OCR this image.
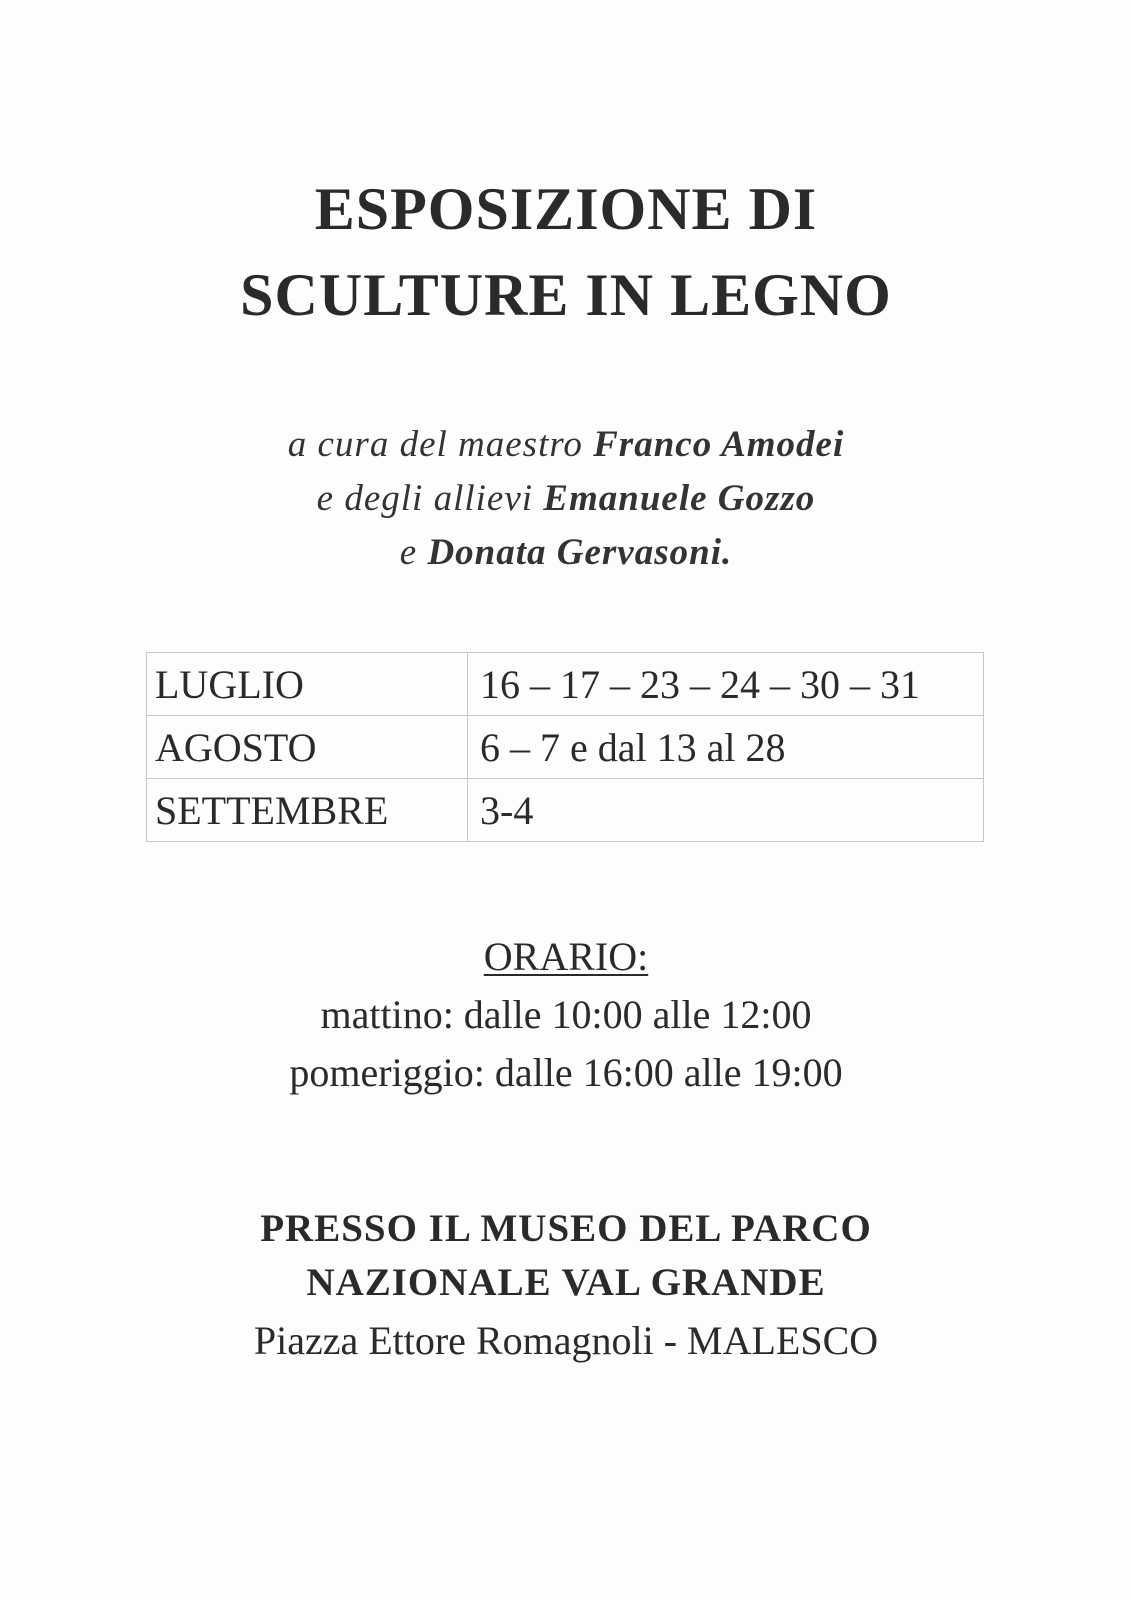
ESPOSIZIONE DI
SCULTURE IN LEGNO
a cura del maestro Franco Amodei
e degli allievi Emanuele Gozzo
e Donata Gervasoni.
LUGLIO	16 – 17 – 23 – 24 – 30 – 31
AGOSTO	6 – 7 e dal 13 al 28
SETTEMBRE	3-4
ORARIO:
mattino: dalle 10:00 alle 12:00
pomeriggio: dalle 16:00 alle 19:00
PRESSO IL MUSEO DEL PARCO
NAZIONALE VAL GRANDE
Piazza Ettore Romagnoli - MALESCO
